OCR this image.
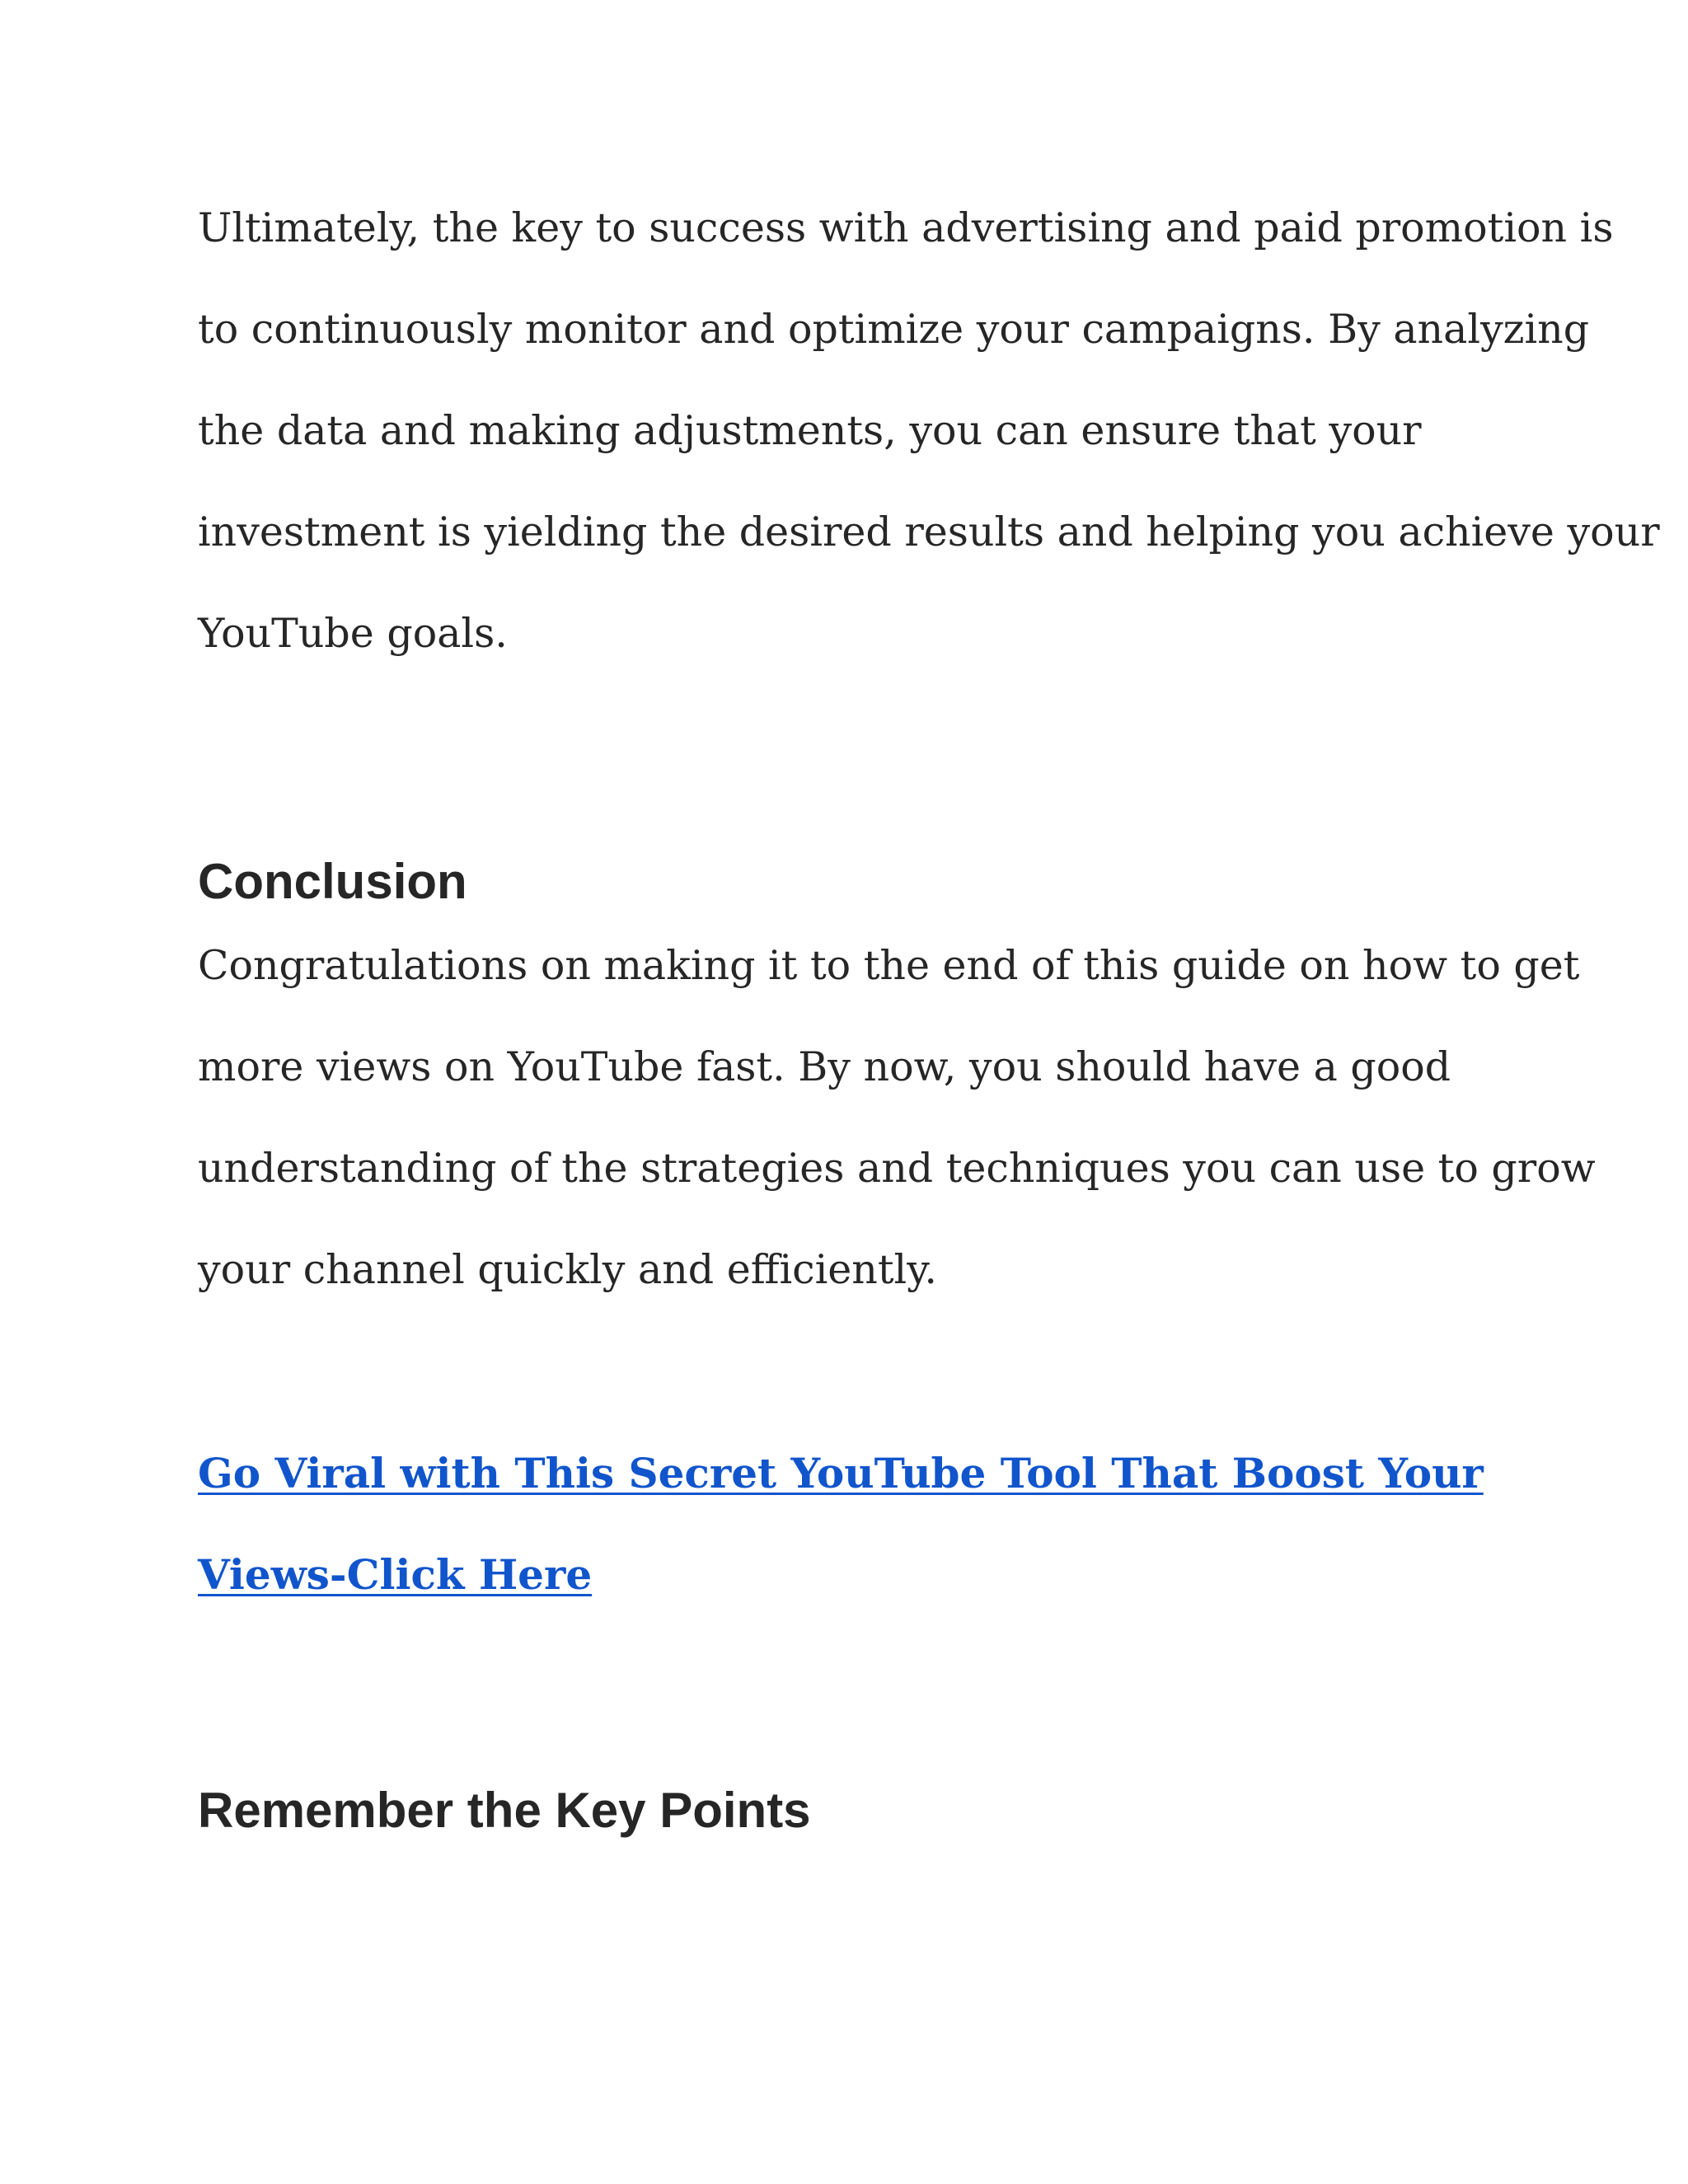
Ultimately, the key to success with advertising and paid promotion is
to continuously monitor and optimize your campaigns. By analyzing
the data and making adjustments, you can ensure that your
investment is yielding the desired results and helping you achieve your
YouTube goals.

Conclusion

Congratulations on making it to the end of this guide on how to get
more views on YouTube fast. By now, you should have a good
understanding of the strategies and techniques you can use to grow
your channel quickly and efficiently.

Go Viral with This Secret YouTube Tool That Boost Your
Views-Click Here
Remember the Key Points
